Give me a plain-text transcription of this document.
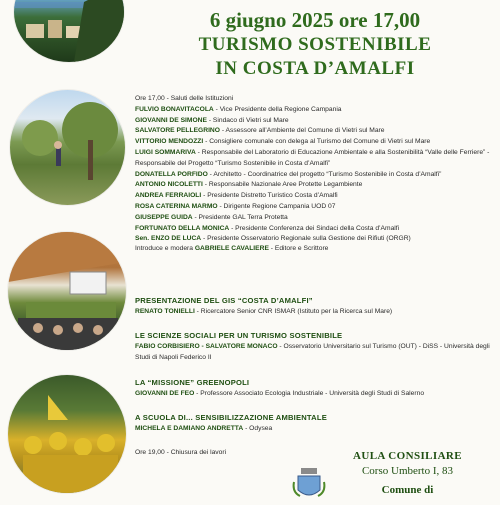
6 giugno 2025 ore 17,00
TURISMO SOSTENIBILE
IN COSTA D’AMALFI
Ore 17,00 - Saluti delle Istituzioni
FULVIO BONAVITACOLA - Vice Presidente della Regione Campania
GIOVANNI DE SIMONE - Sindaco di Vietri sul Mare
SALVATORE PELLEGRINO - Assessore all’Ambiente del Comune di Vietri sul Mare
VITTORIO MENDOZZI - Consigliere comunale con delega al Turismo del Comune di Vietri sul Mare
LUIGI SOMMARIVA - Responsabile del Laboratorio di Educazione Ambientale e alla Sostenibilità “Valle delle Ferriere” - Responsabile del Progetto “Turismo Sostenibile in Costa d’Amalfi”
DONATELLA PORFIDO - Architetto - Coordinatrice del progetto “Turismo Sostenibile in Costa d’Amalfi”
ANTONIO NICOLETTI - Responsabile Nazionale Aree Protette Legambiente
ANDREA FERRAIOLI - Presidente Distretto Turistico Costa d’Amalfi
ROSA CATERINA MARMO - Dirigente Regione Campania UOD 07
GIUSEPPE GUIDA - Presidente GAL Terra Protetta
FORTUNATO DELLA MONICA - Presidente Conferenza dei Sindaci della Costa d’Amalfi
Sen. ENZO DE LUCA - Presidente Osservatorio Regionale sulla Gestione dei Rifiuti (ORGR)
Introduce e modera GABRIELE CAVALIERE - Editore e Scrittore
PRESENTAZIONE DEL GIS “COSTA D’AMALFI”
RENATO TONIELLI - Ricercatore Senior CNR ISMAR (Istituto per la Ricerca sul Mare)
LE SCIENZE SOCIALI PER UN TURISMO SOSTENIBILE
FABIO CORBISIERO - SALVATORE MONACO - Osservatorio Universitario sul Turismo (OUT) - DiSS - Università degli Studi di Napoli Federico II
LA “MISSIONE” GREENOPOLI
GIOVANNI DE FEO - Professore Associato Ecologia Industriale - Università degli Studi di Salerno
A SCUOLA DI... SENSIBILIZZAZIONE AMBIENTALE
MICHELA E DAMIANO ANDRETTA - Odysea
Ore 19,00 - Chiusura dei lavori	AULA CONSILIARE
Corso Umberto I, 83
Comune di
